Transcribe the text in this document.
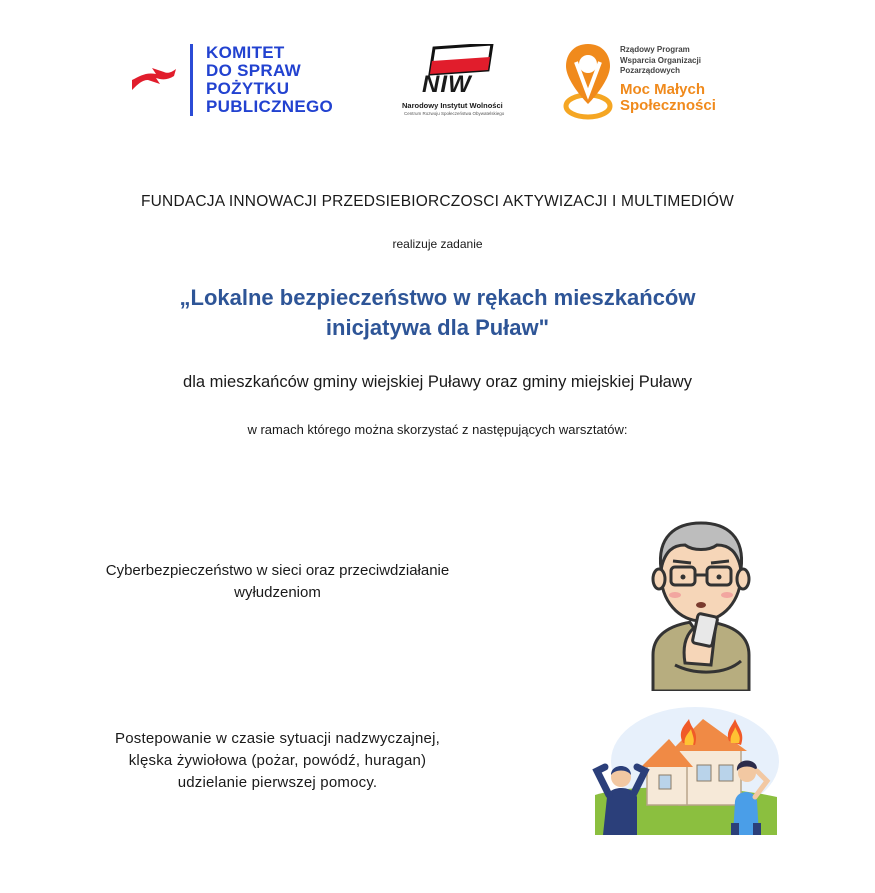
KOMITET
DO SPRAW
POŻYTKU
PUBLICZNEGO
NIW
Narodowy Instytut Wolności
Centrum Rozwoju Społeczeństwa Obywatelskiego
Rządowy Program
Wsparcia Organizacji
Pozarządowych
Moc Małych
Społeczności
FUNDACJA INNOWACJI PRZEDSIEBIORCZOSCI AKTYWIZACJI I MULTIMEDIÓW
realizuje zadanie
„Lokalne bezpieczeństwo w rękach mieszkańców
inicjatywa dla Puław"
dla mieszkańców gminy wiejskiej Puławy oraz gminy miejskiej Puławy
w ramach którego można skorzystać z następujących warsztatów:
Cyberbezpieczeństwo w sieci oraz przeciwdziałanie
wyłudzeniom
Postepowanie w czasie sytuacji nadzwyczajnej,
klęska żywiołowa (pożar, powódź, huragan)
udzielanie pierwszej pomocy.
